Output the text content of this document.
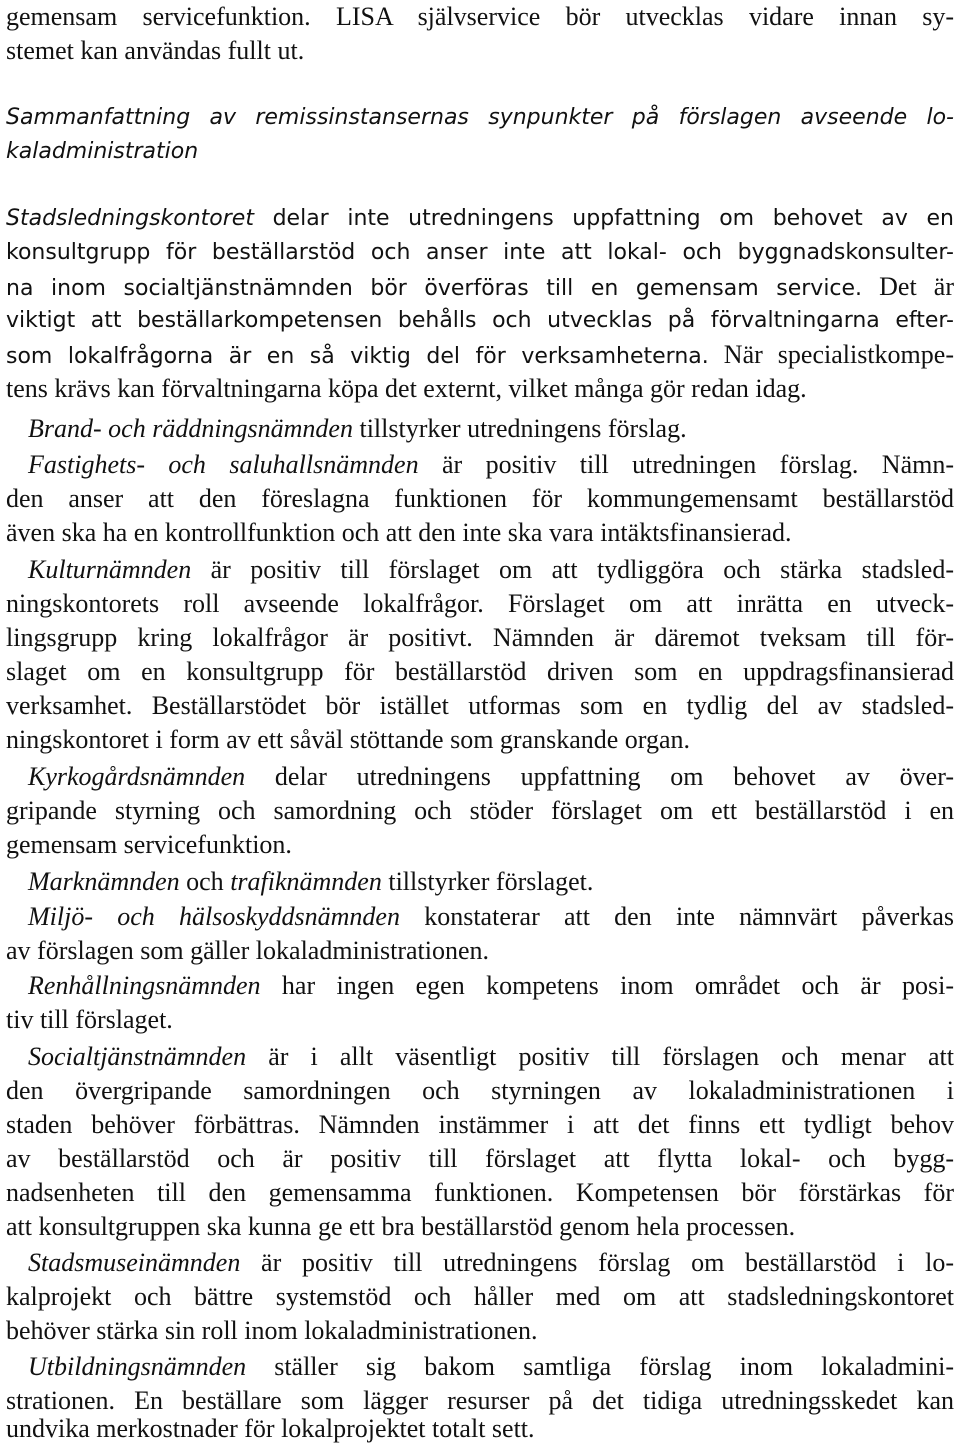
gemensam servicefunktion. LISA självservice bör utvecklas vidare innan sy-
stemet kan användas fullt ut.
Sammanfattning av remissinstansernas synpunkter på förslagen avseende lo-
kaladministration
Stadsledningskontoret delar inte utredningens uppfattning om behovet av en
konsultgrupp för beställarstöd och anser inte att lokal- och byggnadskonsulter-
na inom socialtjänstnämnden bör överföras till en gemensam service. Det är
viktigt att beställarkompetensen behålls och utvecklas på förvaltningarna efter-
som lokalfrågorna är en så viktig del för verksamheterna. När specialistkompe-
tens krävs kan förvaltningarna köpa det externt, vilket många gör redan idag.
Brand- och räddningsnämnden tillstyrker utredningens förslag.
Fastighets- och saluhallsnämnden är positiv till utredningen förslag. Nämn-
den anser att den föreslagna funktionen för kommungemensamt beställarstöd
även ska ha en kontrollfunktion och att den inte ska vara intäktsfinansierad.
Kulturnämnden är positiv till förslaget om att tydliggöra och stärka stadsled-
ningskontorets roll avseende lokalfrågor. Förslaget om att inrätta en utveck-
lingsgrupp kring lokalfrågor är positivt. Nämnden är däremot tveksam till för-
slaget om en konsultgrupp för beställarstöd driven som en uppdragsfinansierad
verksamhet. Beställarstödet bör istället utformas som en tydlig del av stadsled-
ningskontoret i form av ett såväl stöttande som granskande organ.
Kyrkogårdsnämnden delar utredningens uppfattning om behovet av över-
gripande styrning och samordning och stöder förslaget om ett beställarstöd i en
gemensam servicefunktion.
Marknämnden och trafiknämnden tillstyrker förslaget.
Miljö- och hälsoskyddsnämnden konstaterar att den inte nämnvärt påverkas
av förslagen som gäller lokaladministrationen.
Renhållningsnämnden har ingen egen kompetens inom området och är posi-
tiv till förslaget.
Socialtjänstnämnden är i allt väsentligt positiv till förslagen och menar att
den övergripande samordningen och styrningen av lokaladministrationen i
staden behöver förbättras. Nämnden instämmer i att det finns ett tydligt behov
av beställarstöd och är positiv till förslaget att flytta lokal- och bygg-
nadsenheten till den gemensamma funktionen. Kompetensen bör förstärkas för
att konsultgruppen ska kunna ge ett bra beställarstöd genom hela processen.
Stadsmuseinämnden är positiv till utredningens förslag om beställarstöd i lo-
kalprojekt och bättre systemstöd och håller med om att stadsledningskontoret
behöver stärka sin roll inom lokaladministrationen.
Utbildningsnämnden ställer sig bakom samtliga förslag inom lokaladmini-
strationen. En beställare som lägger resurser på det tidiga utredningsskedet kan
undvika merkostnader för lokalprojektet totalt sett.
